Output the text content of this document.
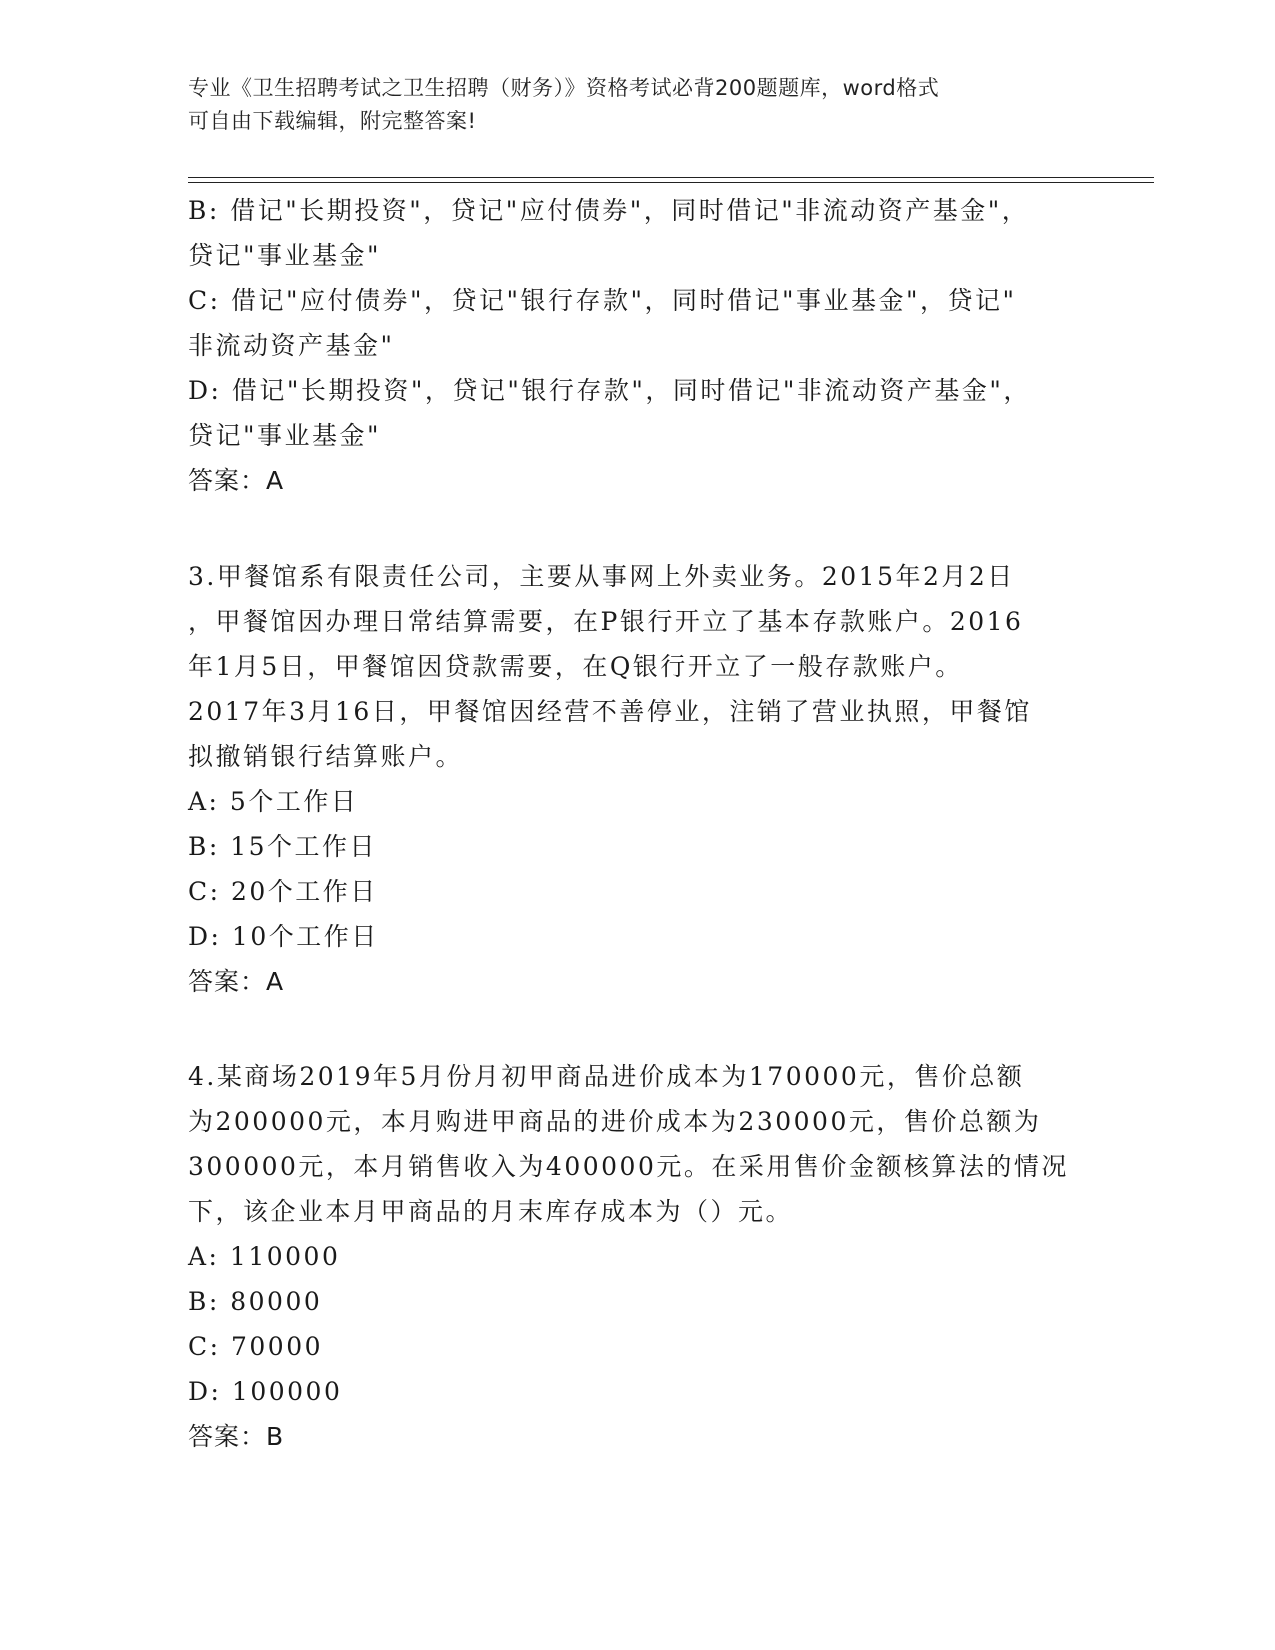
专业《卫生招聘考试之卫生招聘（财务）》资格考试必背200题题库，word格式
可自由下载编辑，附完整答案!
B: 借记"长期投资"，贷记"应付债券"，同时借记"非流动资产基金"，
贷记"事业基金"
C: 借记"应付债券"，贷记"银行存款"，同时借记"事业基金"，贷记"
非流动资产基金"
D: 借记"长期投资"，贷记"银行存款"，同时借记"非流动资产基金"，
贷记"事业基金"
答案：A
3.甲餐馆系有限责任公司，主要从事网上外卖业务。2015年2月2日
，甲餐馆因办理日常结算需要，在P银行开立了基本存款账户。2016
年1月5日，甲餐馆因贷款需要，在Q银行开立了一般存款账户。
2017年3月16日，甲餐馆因经营不善停业，注销了营业执照，甲餐馆
拟撤销银行结算账户。
A: 5个工作日
B: 15个工作日
C: 20个工作日
D: 10个工作日
答案：A
4.某商场2019年5月份月初甲商品进价成本为170000元，售价总额
为200000元，本月购进甲商品的进价成本为230000元，售价总额为
300000元，本月销售收入为400000元。在采用售价金额核算法的情况
下，该企业本月甲商品的月末库存成本为（）元。
A: 110000
B: 80000
C: 70000
D: 100000
答案：B
